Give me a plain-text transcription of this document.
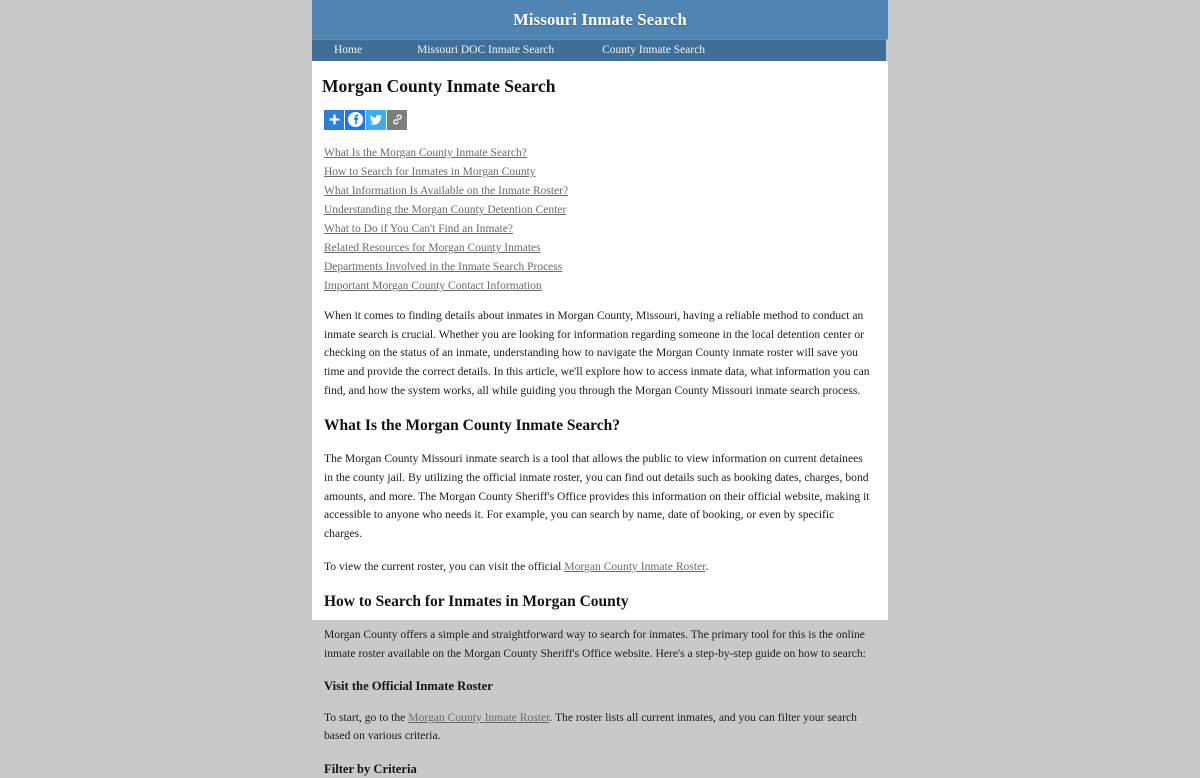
Missouri Inmate Search
Home	Missouri DOC Inmate Search	County Inmate Search
Morgan County Inmate Search
What Is the Morgan County Inmate Search?
How to Search for Inmates in Morgan County
What Information Is Available on the Inmate Roster?
Understanding the Morgan County Detention Center
What to Do if You Can't Find an Inmate?
Related Resources for Morgan County Inmates
Departments Involved in the Inmate Search Process
Important Morgan County Contact Information

When it comes to finding details about inmates in Morgan County, Missouri, having a reliable method to conduct an inmate search is crucial. Whether you are looking for information regarding someone in the local detention center or checking on the status of an inmate, understanding how to navigate the Morgan County inmate roster will save you time and provide the correct details. In this article, we'll explore how to access inmate data, what information you can find, and how the system works, all while guiding you through the Morgan County Missouri inmate search process.

What Is the Morgan County Inmate Search?

The Morgan County Missouri inmate search is a tool that allows the public to view information on current detainees in the county jail. By utilizing the official inmate roster, you can find out details such as booking dates, charges, bond amounts, and more. The Morgan County Sheriff's Office provides this information on their official website, making it accessible to anyone who needs it. For example, you can search by name, date of booking, or even by specific charges.

To view the current roster, you can visit the official Morgan County Inmate Roster.

How to Search for Inmates in Morgan County

Morgan County offers a simple and straightforward way to search for inmates. The primary tool for this is the online inmate roster available on the Morgan County Sheriff's Office website. Here's a step-by-step guide on how to search:

Visit the Official Inmate Roster

To start, go to the Morgan County Inmate Roster. The roster lists all current inmates, and you can filter your search based on various criteria.

Filter by Criteria
